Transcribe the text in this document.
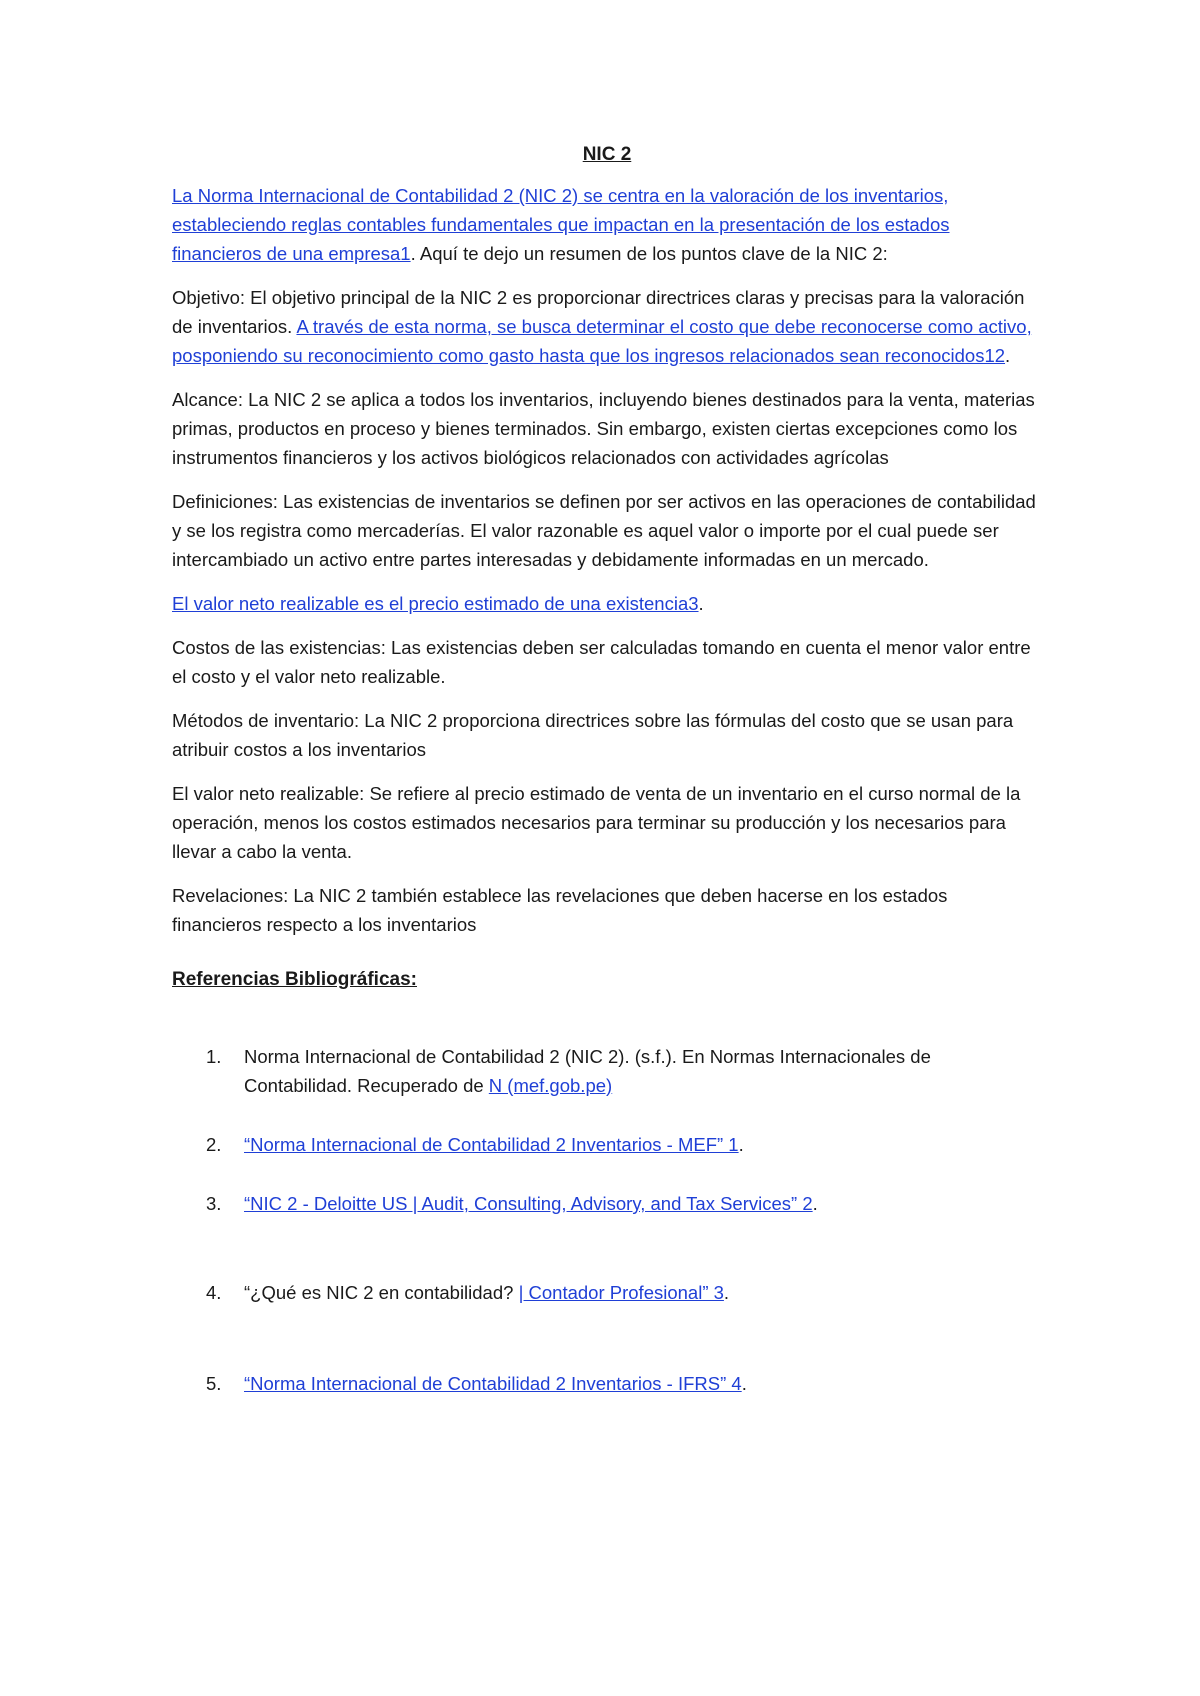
NIC 2

La Norma Internacional de Contabilidad 2 (NIC 2) se centra en la valoración de los inventarios, estableciendo reglas contables fundamentales que impactan en la presentación de los estados financieros de una empresa1. Aquí te dejo un resumen de los puntos clave de la NIC 2:

Objetivo: El objetivo principal de la NIC 2 es proporcionar directrices claras y precisas para la valoración de inventarios. A través de esta norma, se busca determinar el costo que debe reconocerse como activo, posponiendo su reconocimiento como gasto hasta que los ingresos relacionados sean reconocidos12.

Alcance: La NIC 2 se aplica a todos los inventarios, incluyendo bienes destinados para la venta, materias primas, productos en proceso y bienes terminados. Sin embargo, existen ciertas excepciones como los instrumentos financieros y los activos biológicos relacionados con actividades agrícolas

Definiciones: Las existencias de inventarios se definen por ser activos en las operaciones de contabilidad y se los registra como mercaderías. El valor razonable es aquel valor o importe por el cual puede ser intercambiado un activo entre partes interesadas y debidamente informadas en un mercado.

El valor neto realizable es el precio estimado de una existencia3.

Costos de las existencias: Las existencias deben ser calculadas tomando en cuenta el menor valor entre el costo y el valor neto realizable.

Métodos de inventario: La NIC 2 proporciona directrices sobre las fórmulas del costo que se usan para atribuir costos a los inventarios

El valor neto realizable: Se refiere al precio estimado de venta de un inventario en el curso normal de la operación, menos los costos estimados necesarios para terminar su producción y los necesarios para llevar a cabo la venta.

Revelaciones: La NIC 2 también establece las revelaciones que deben hacerse en los estados financieros respecto a los inventarios

Referencias Bibliográficas:
1. Norma Internacional de Contabilidad 2 (NIC 2). (s.f.). En Normas Internacionales de Contabilidad. Recuperado de N (mef.gob.pe)
2. “Norma Internacional de Contabilidad 2 Inventarios - MEF” 1.
3. “NIC 2 - Deloitte US | Audit, Consulting, Advisory, and Tax Services” 2.
4. “¿Qué es NIC 2 en contabilidad? | Contador Profesional” 3.
5. “Norma Internacional de Contabilidad 2 Inventarios - IFRS” 4.
